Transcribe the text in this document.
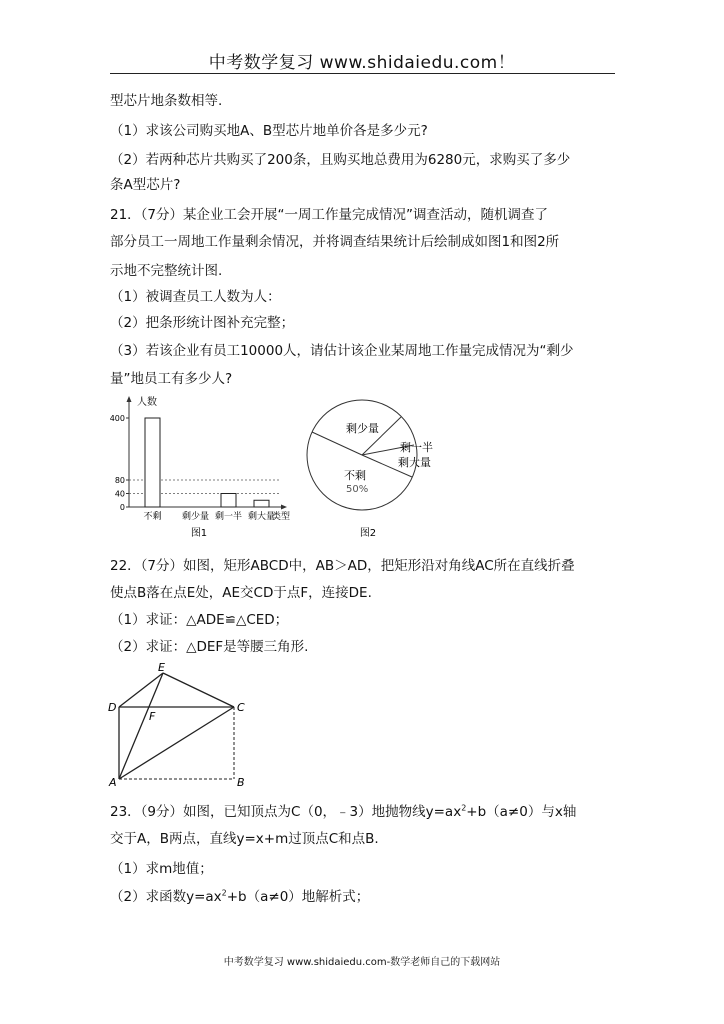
中考数学复习 www.shidaiedu.com！
型芯片地条数相等.
（1）求该公司购买地A、B型芯片地单价各是多少元?
（2）若两种芯片共购买了200条，且购买地总费用为6280元，求购买了多少
条A型芯片?
21．（7分）某企业工会开展“一周工作量完成情况”调查活动，随机调查了
部分员工一周地工作量剩余情况，并将调查结果统计后绘制成如图1和图2所
示地不完整统计图.
（1）被调查员工人数为人：
（2）把条形统计图补充完整；
（3）若该企业有员工10000人，请估计该企业某周地工作量完成情况为“剩少
量”地员工有多少人?
人数
类型
400
80
40
0
不剩 剩少量 剩一半 剩大量
图1
剩少量
剩一半
剩大量
不剩
50%
图2
22．（7分）如图，矩形ABCD中，AB＞AD，把矩形沿对角线AC所在直线折叠
使点B落在点E处，AE交CD于点F，连接DE.
（1）求证：△ADE≌△CED；
（2）求证：△DEF是等腰三角形.
E
D	C
F
A	B
23．（9分）如图，已知顶点为C（0，﹣3）地抛物线$y=ax^2+b(a\ne 0)$与x轴
交于A，B两点，直线y=x+m过顶点C和点B.
（1）求m地值；
（2）求函数$y=ax^2+b(a\ne 0)$地解析式；
中考数学复习 www.shidaiedu.com-数学老师自己的下载网站
